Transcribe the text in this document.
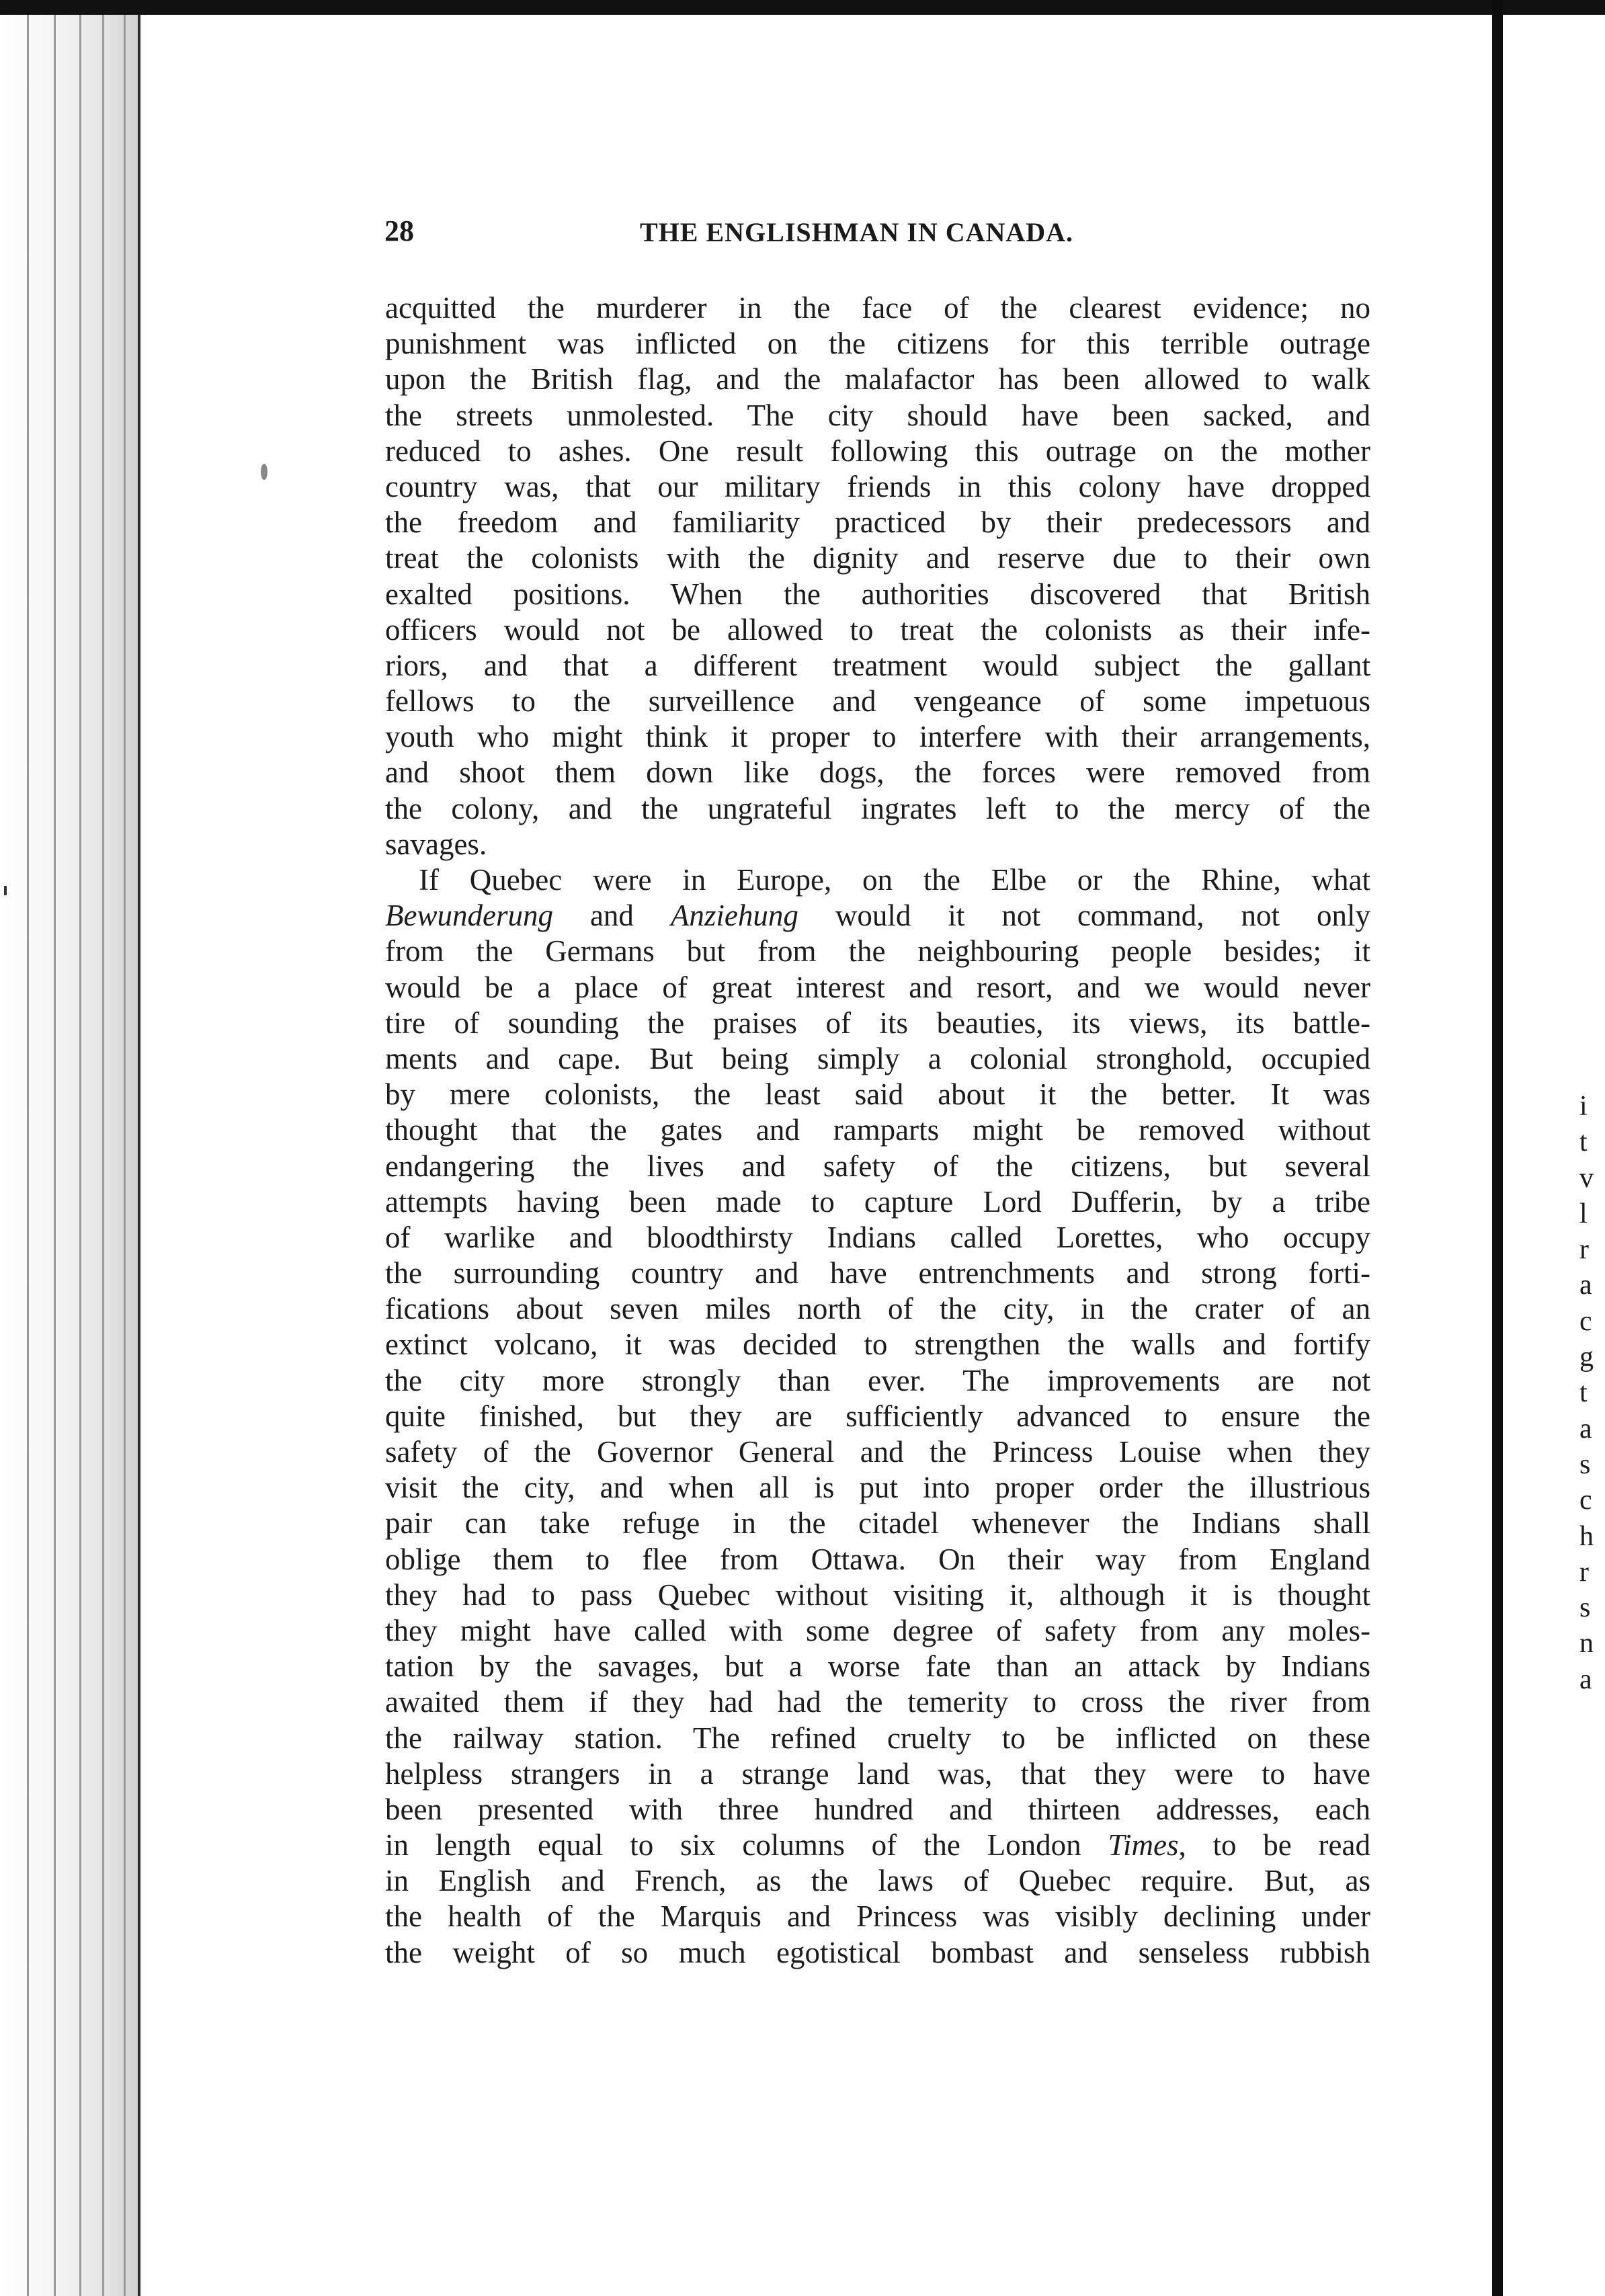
28	THE ENGLISHMAN IN CANADA.
acquitted the murderer in the face of the clearest evidence; no
punishment was inflicted on the citizens for this terrible outrage
upon the British flag, and the malafactor has been allowed to walk
the streets unmolested. The city should have been sacked, and
reduced to ashes. One result following this outrage on the mother
country was, that our military friends in this colony have dropped
the freedom and familiarity practiced by their predecessors and
treat the colonists with the dignity and reserve due to their own
exalted positions. When the authorities discovered that British
officers would not be allowed to treat the colonists as their infe-
riors, and that a different treatment would subject the gallant
fellows to the surveillence and vengeance of some impetuous
youth who might think it proper to interfere with their arrangements,
and shoot them down like dogs, the forces were removed from
the colony, and the ungrateful ingrates left to the mercy of the
savages.
If Quebec were in Europe, on the Elbe or the Rhine, what
Bewunderung and Anziehung would it not command, not only
from the Germans but from the neighbouring people besides; it
would be a place of great interest and resort, and we would never
tire of sounding the praises of its beauties, its views, its battle-
ments and cape. But being simply a colonial stronghold, occupied
by mere colonists, the least said about it the better. It was
thought that the gates and ramparts might be removed without
endangering the lives and safety of the citizens, but several
attempts having been made to capture Lord Dufferin, by a tribe
of warlike and bloodthirsty Indians called Lorettes, who occupy
the surrounding country and have entrenchments and strong forti-
fications about seven miles north of the city, in the crater of an
extinct volcano, it was decided to strengthen the walls and fortify
the city more strongly than ever. The improvements are not
quite finished, but they are sufficiently advanced to ensure the
safety of the Governor General and the Princess Louise when they
visit the city, and when all is put into proper order the illustrious
pair can take refuge in the citadel whenever the Indians shall
oblige them to flee from Ottawa. On their way from England
they had to pass Quebec without visiting it, although it is thought
they might have called with some degree of safety from any moles-
tation by the savages, but a worse fate than an attack by Indians
awaited them if they had had the temerity to cross the river from
the railway station. The refined cruelty to be inflicted on these
helpless strangers in a strange land was, that they were to have
been presented with three hundred and thirteen addresses, each
in length equal to six columns of the London Times, to be read
in English and French, as the laws of Quebec require. But, as
the health of the Marquis and Princess was visibly declining under
the weight of so much egotistical bombast and senseless rubbish
i
t
v
l
r
a
c
g
t
a
s
c
h
r
s
n
a
